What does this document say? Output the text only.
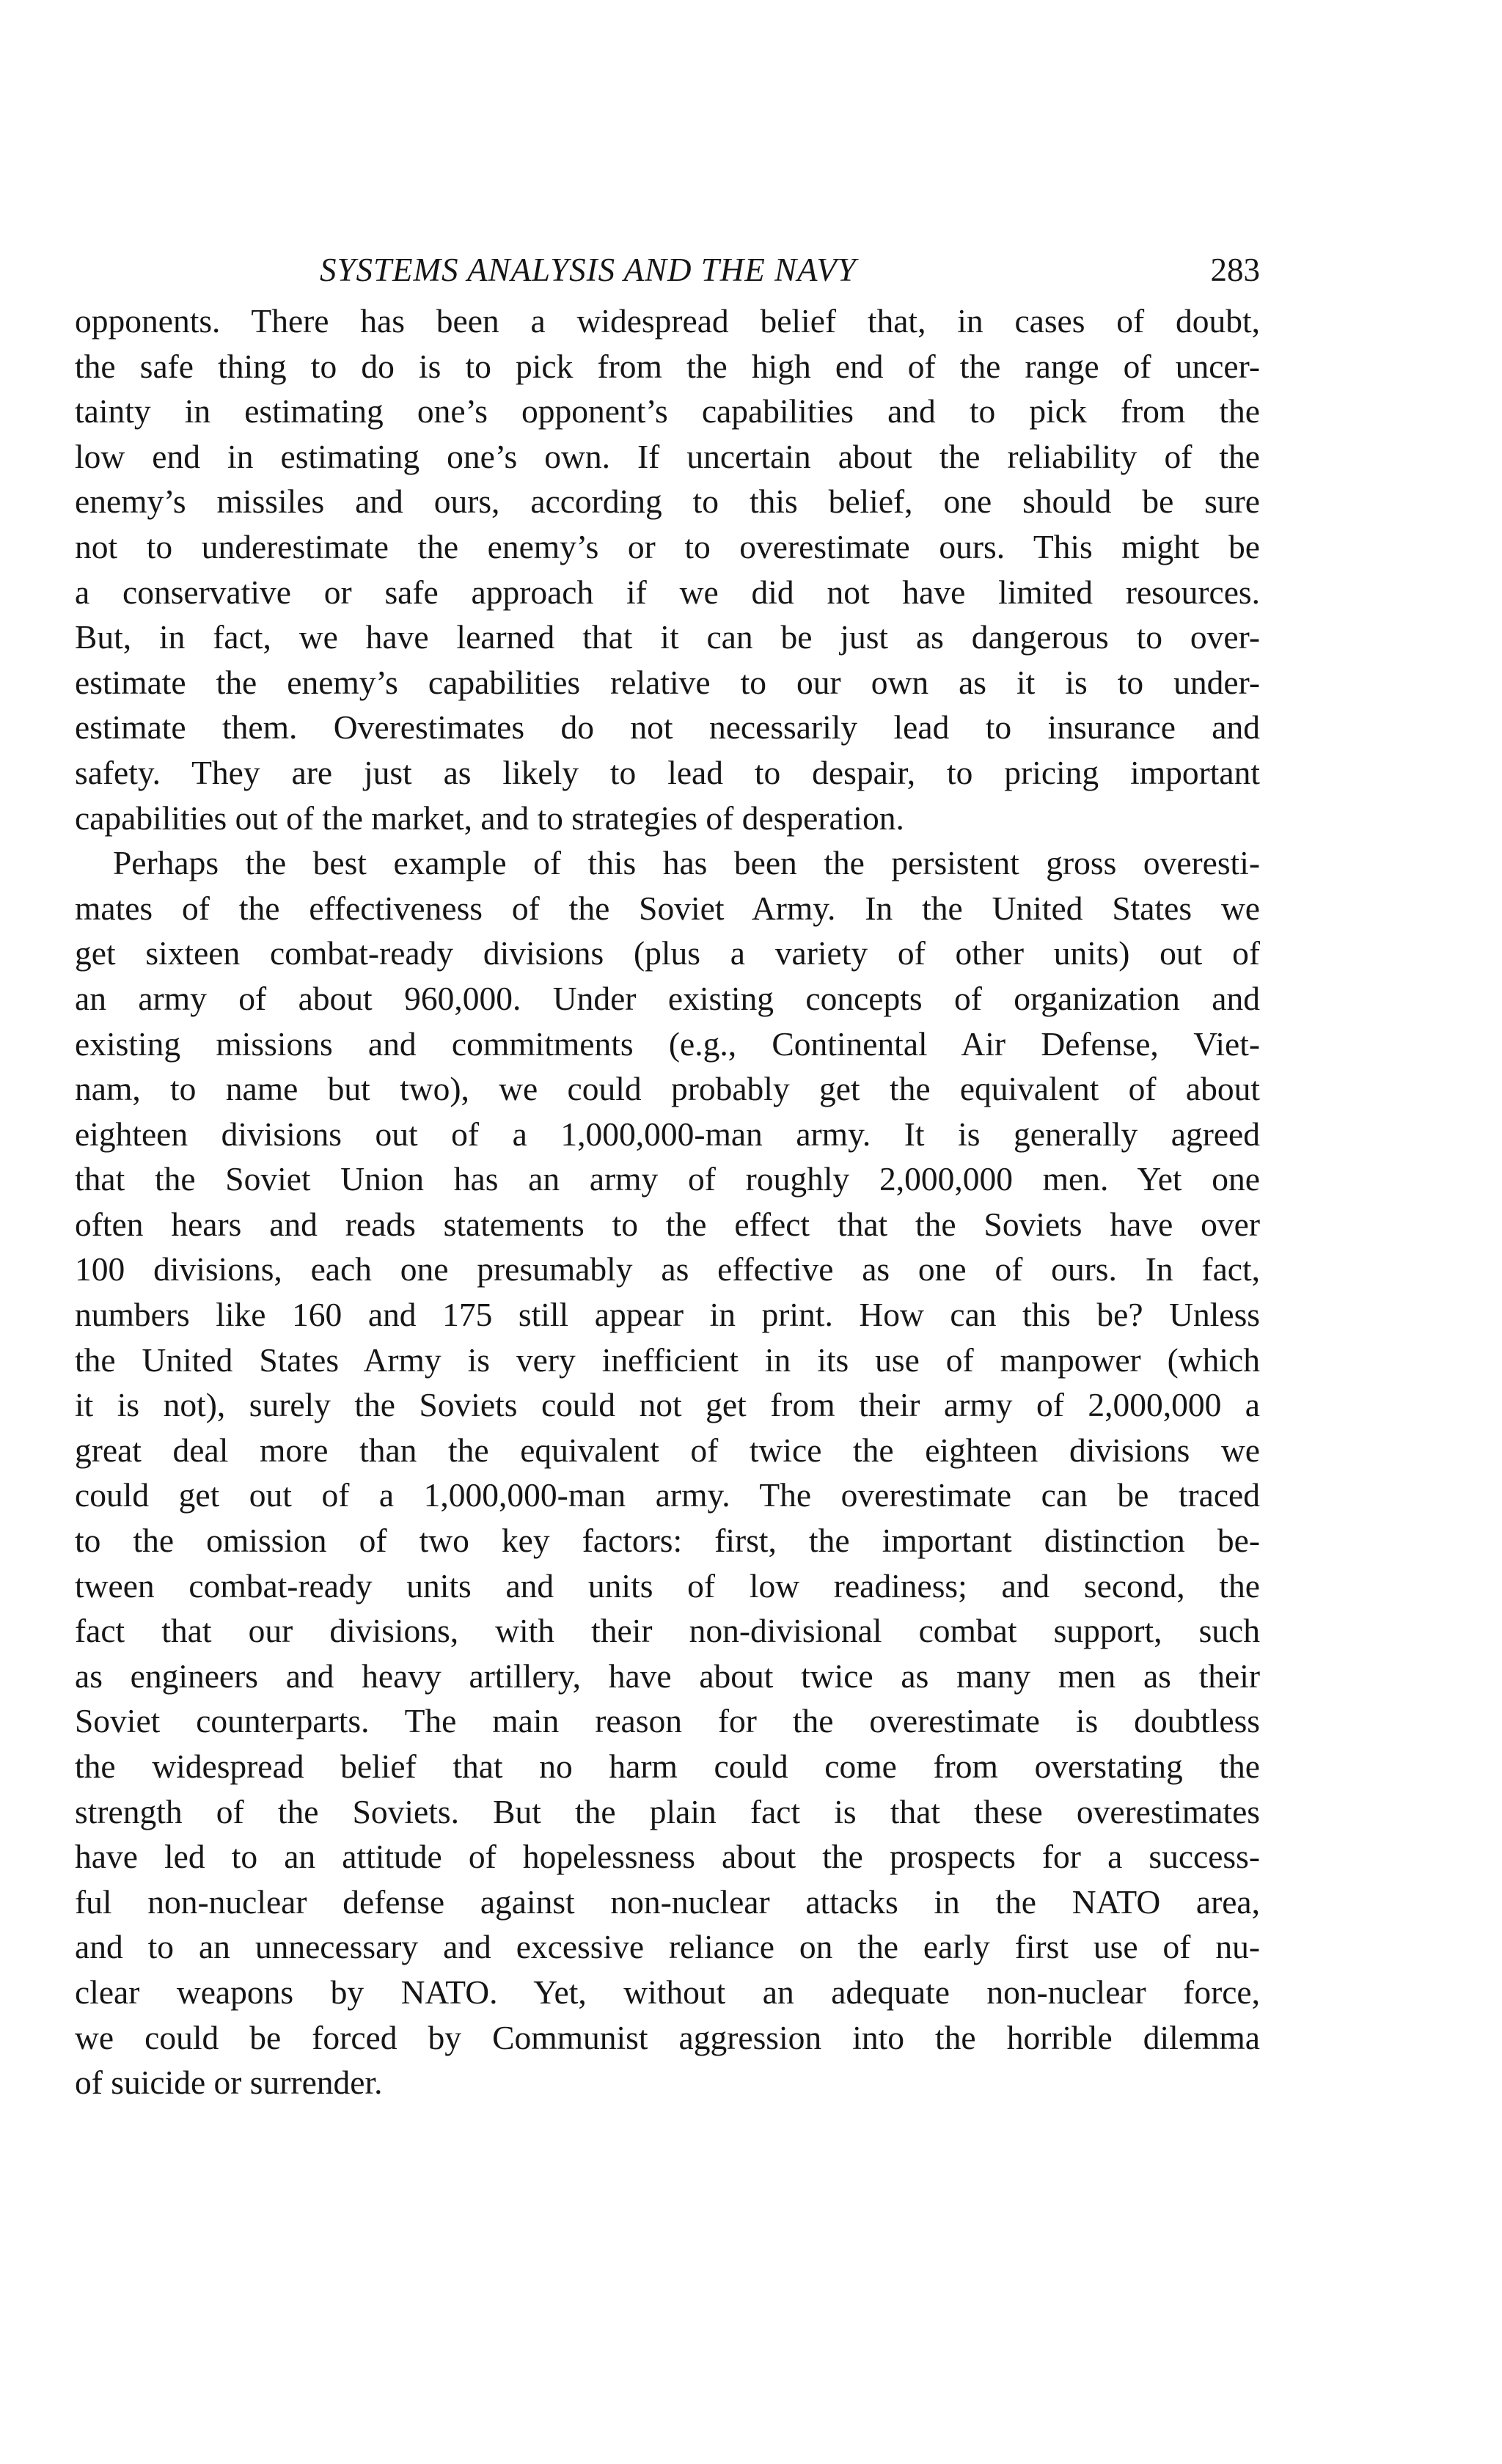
SYSTEMS ANALYSIS AND THE NAVY	283
opponents. There has been a widespread belief that, in cases of doubt,
the safe thing to do is to pick from the high end of the range of uncer-
tainty in estimating one’s opponent’s capabilities and to pick from the
low end in estimating one’s own. If uncertain about the reliability of the
enemy’s missiles and ours, according to this belief, one should be sure
not to underestimate the enemy’s or to overestimate ours. This might be
a conservative or safe approach if we did not have limited resources.
But, in fact, we have learned that it can be just as dangerous to over-
estimate the enemy’s capabilities relative to our own as it is to under-
estimate them. Overestimates do not necessarily lead to insurance and
safety. They are just as likely to lead to despair, to pricing important
capabilities out of the market, and to strategies of desperation.
Perhaps the best example of this has been the persistent gross overesti-
mates of the effectiveness of the Soviet Army. In the United States we
get sixteen combat-ready divisions (plus a variety of other units) out of
an army of about 960,000. Under existing concepts of organization and
existing missions and commitments (e.g., Continental Air Defense, Viet-
nam, to name but two), we could probably get the equivalent of about
eighteen divisions out of a 1,000,000-man army. It is generally agreed
that the Soviet Union has an army of roughly 2,000,000 men. Yet one
often hears and reads statements to the effect that the Soviets have over
100 divisions, each one presumably as effective as one of ours. In fact,
numbers like 160 and 175 still appear in print. How can this be? Unless
the United States Army is very inefficient in its use of manpower (which
it is not), surely the Soviets could not get from their army of 2,000,000 a
great deal more than the equivalent of twice the eighteen divisions we
could get out of a 1,000,000-man army. The overestimate can be traced
to the omission of two key factors: first, the important distinction be-
tween combat-ready units and units of low readiness; and second, the
fact that our divisions, with their non-divisional combat support, such
as engineers and heavy artillery, have about twice as many men as their
Soviet counterparts. The main reason for the overestimate is doubtless
the widespread belief that no harm could come from overstating the
strength of the Soviets. But the plain fact is that these overestimates
have led to an attitude of hopelessness about the prospects for a success-
ful non-nuclear defense against non-nuclear attacks in the NATO area,
and to an unnecessary and excessive reliance on the early first use of nu-
clear weapons by NATO. Yet, without an adequate non-nuclear force,
we could be forced by Communist aggression into the horrible dilemma
of suicide or surrender.
